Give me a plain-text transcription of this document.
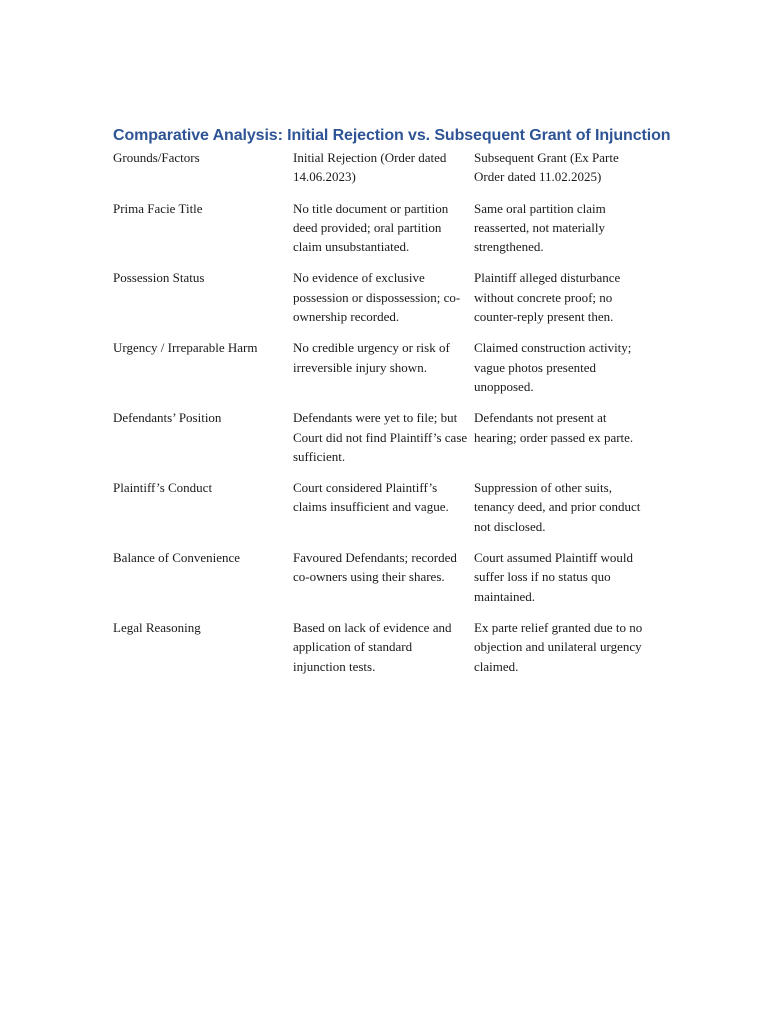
Comparative Analysis: Initial Rejection vs. Subsequent Grant of Injunction
Grounds/Factors	Initial Rejection (Order dated 14.06.2023)	Subsequent Grant (Ex Parte Order dated 11.02.2025)
Prima Facie Title	No title document or partition deed provided; oral partition claim unsubstantiated.	Same oral partition claim reasserted, not materially strengthened.
Possession Status	No evidence of exclusive possession or dispossession; co-ownership recorded.	Plaintiff alleged disturbance without concrete proof; no counter-reply present then.
Urgency / Irreparable Harm	No credible urgency or risk of irreversible injury shown.	Claimed construction activity; vague photos presented unopposed.
Defendants’ Position	Defendants were yet to file; but Court did not find Plaintiff’s case sufficient.	Defendants not present at hearing; order passed ex parte.
Plaintiff’s Conduct	Court considered Plaintiff’s claims insufficient and vague.	Suppression of other suits, tenancy deed, and prior conduct not disclosed.
Balance of Convenience	Favoured Defendants; recorded co-owners using their shares.	Court assumed Plaintiff would suffer loss if no status quo maintained.
Legal Reasoning	Based on lack of evidence and application of standard injunction tests.	Ex parte relief granted due to no objection and unilateral urgency claimed.
